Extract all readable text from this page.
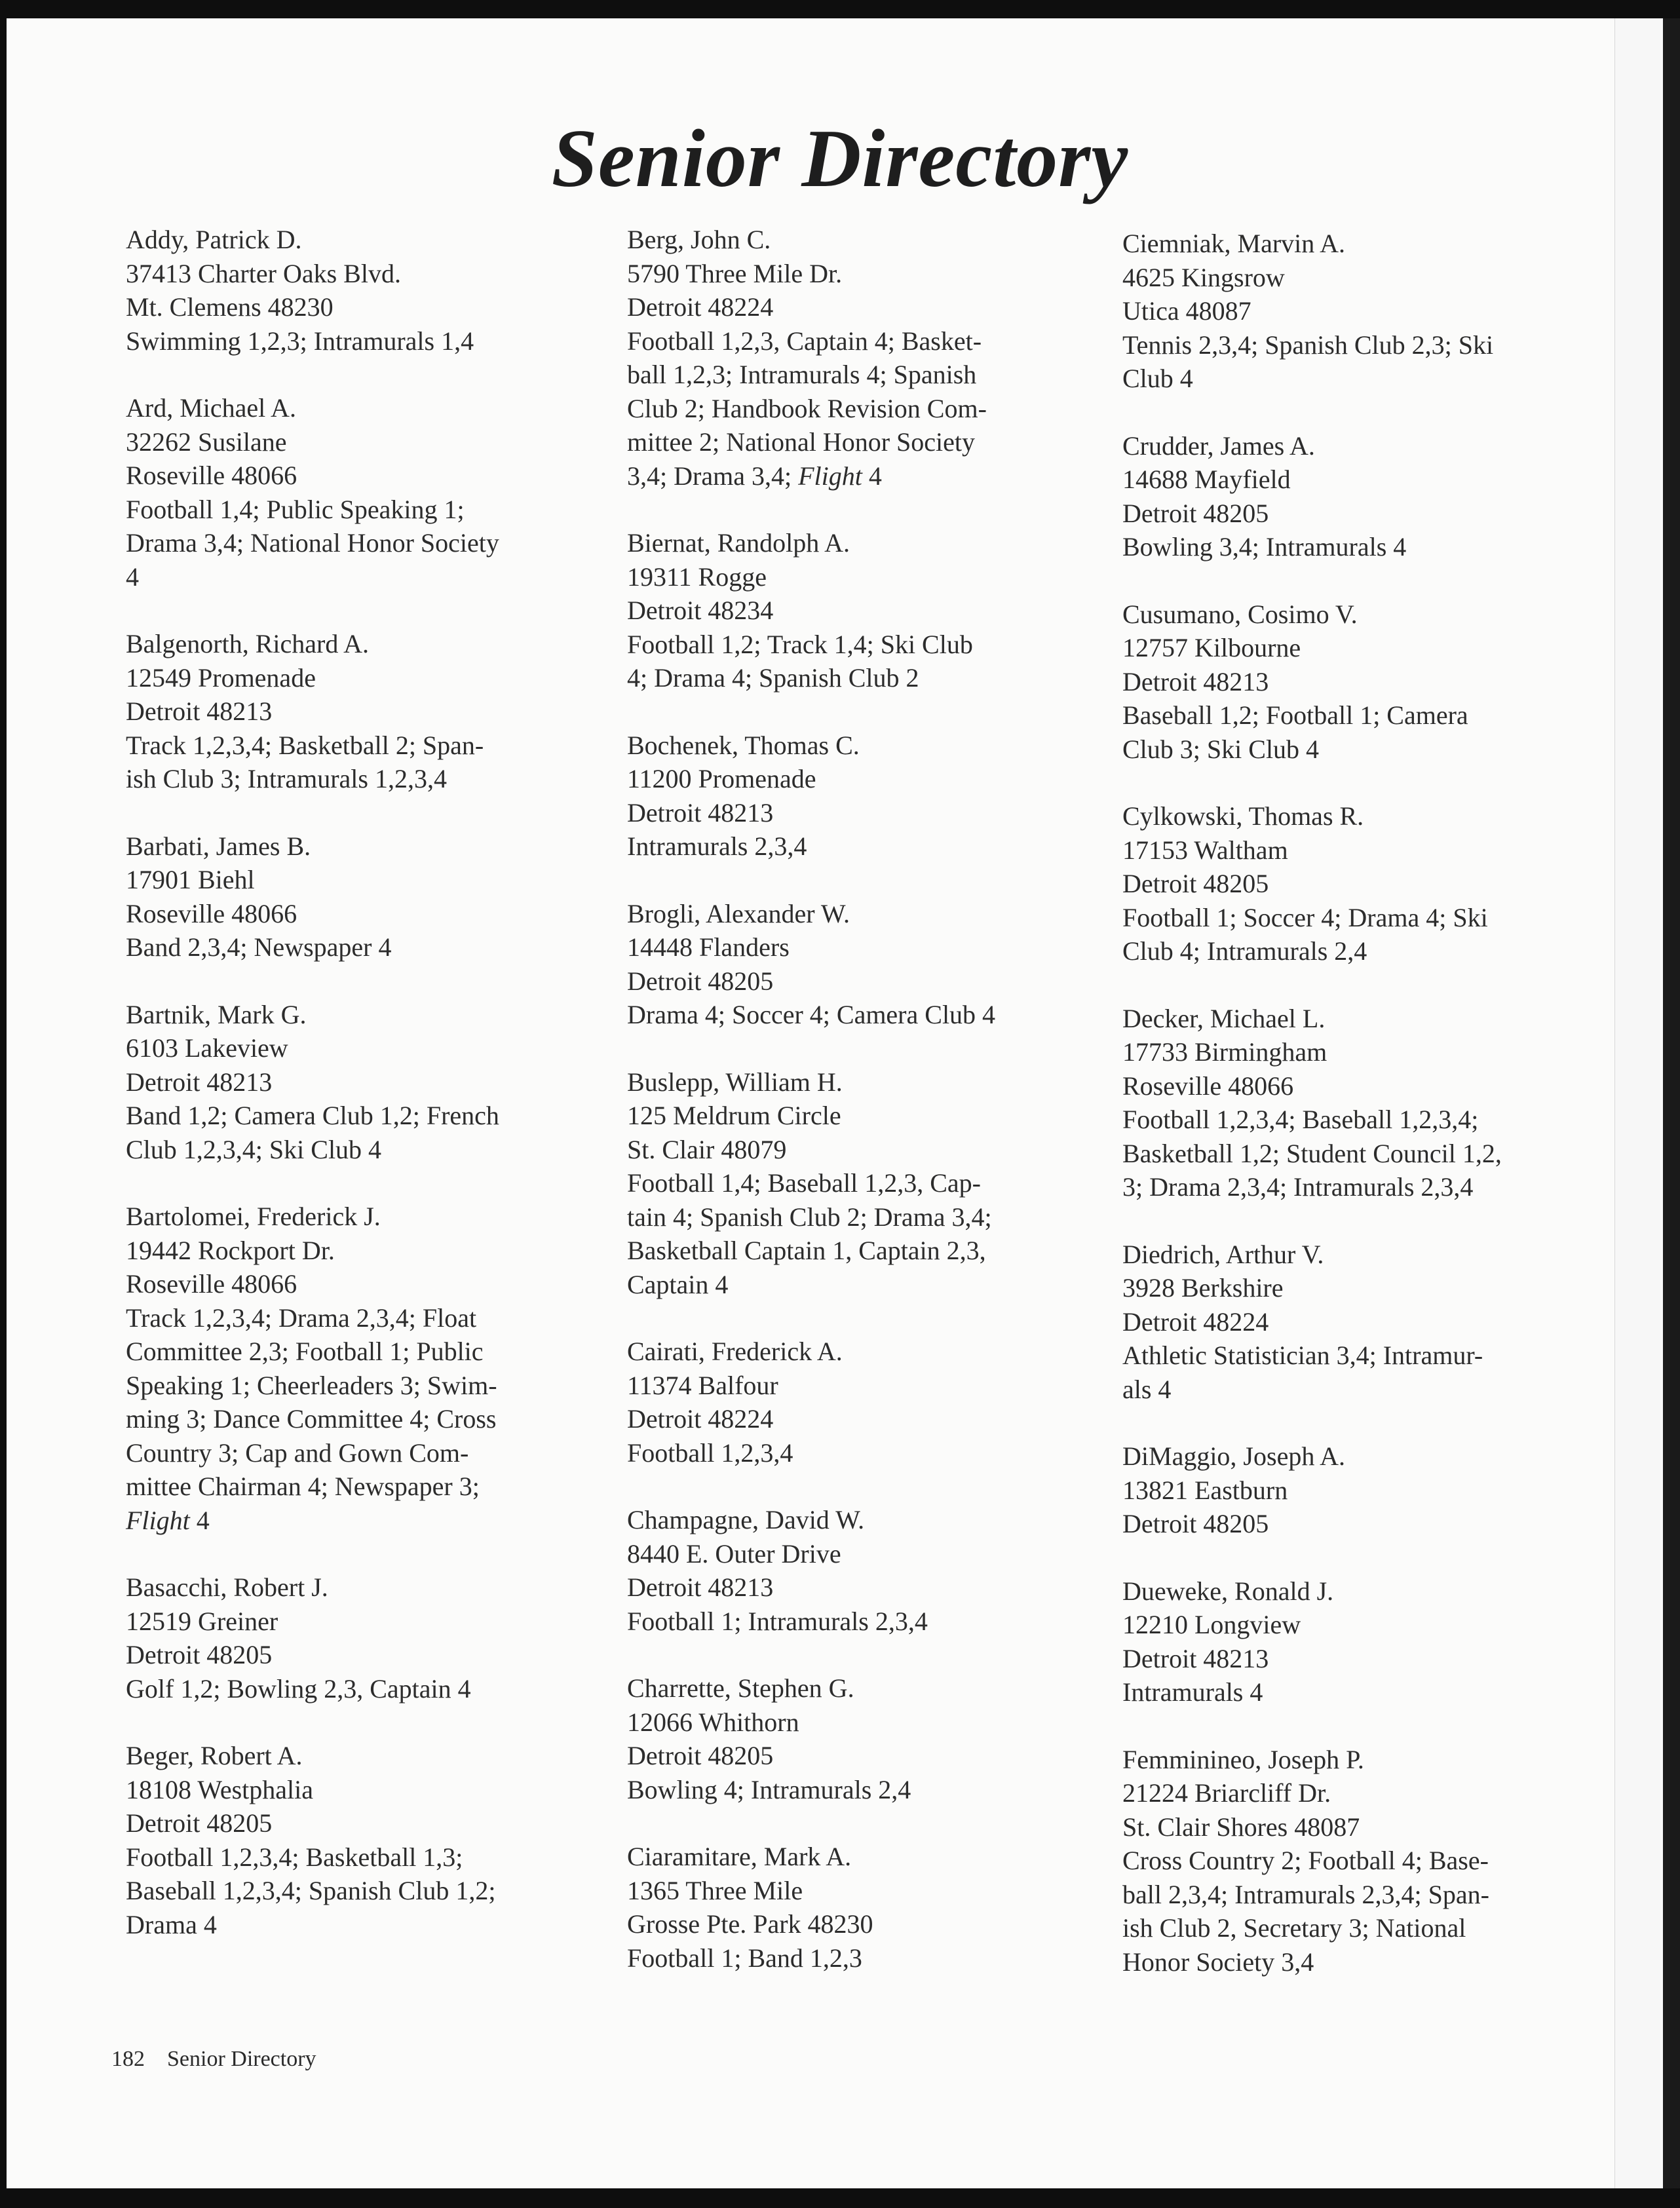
Senior Directory
Addy, Patrick D.
37413 Charter Oaks Blvd.
Mt. Clemens 48230
Swimming 1,2,3; Intramurals 1,4
Ard, Michael A.
32262 Susilane
Roseville 48066
Football 1,4; Public Speaking 1;
Drama 3,4; National Honor Society
4
Balgenorth, Richard A.
12549 Promenade
Detroit 48213
Track 1,2,3,4; Basketball 2; Span-
ish Club 3; Intramurals 1,2,3,4
Barbati, James B.
17901 Biehl
Roseville 48066
Band 2,3,4; Newspaper 4
Bartnik, Mark G.
6103 Lakeview
Detroit 48213
Band 1,2; Camera Club 1,2; French
Club 1,2,3,4; Ski Club 4
Bartolomei, Frederick J.
19442 Rockport Dr.
Roseville 48066
Track 1,2,3,4; Drama 2,3,4; Float
Committee 2,3; Football 1; Public
Speaking 1; Cheerleaders 3; Swim-
ming 3; Dance Committee 4; Cross
Country 3; Cap and Gown Com-
mittee Chairman 4; Newspaper 3;
Flight 4
Basacchi, Robert J.
12519 Greiner
Detroit 48205
Golf 1,2; Bowling 2,3, Captain 4
Beger, Robert A.
18108 Westphalia
Detroit 48205
Football 1,2,3,4; Basketball 1,3;
Baseball 1,2,3,4; Spanish Club 1,2;
Drama 4
Berg, John C.
5790 Three Mile Dr.
Detroit 48224
Football 1,2,3, Captain 4; Basket-
ball 1,2,3; Intramurals 4; Spanish
Club 2; Handbook Revision Com-
mittee 2; National Honor Society
3,4; Drama 3,4; Flight 4
Biernat, Randolph A.
19311 Rogge
Detroit 48234
Football 1,2; Track 1,4; Ski Club
4; Drama 4; Spanish Club 2
Bochenek, Thomas C.
11200 Promenade
Detroit 48213
Intramurals 2,3,4
Brogli, Alexander W.
14448 Flanders
Detroit 48205
Drama 4; Soccer 4; Camera Club 4
Buslepp, William H.
125 Meldrum Circle
St. Clair 48079
Football 1,4; Baseball 1,2,3, Cap-
tain 4; Spanish Club 2; Drama 3,4;
Basketball Captain 1, Captain 2,3,
Captain 4
Cairati, Frederick A.
11374 Balfour
Detroit 48224
Football 1,2,3,4
Champagne, David W.
8440 E. Outer Drive
Detroit 48213
Football 1; Intramurals 2,3,4
Charrette, Stephen G.
12066 Whithorn
Detroit 48205
Bowling 4; Intramurals 2,4
Ciaramitare, Mark A.
1365 Three Mile
Grosse Pte. Park 48230
Football 1; Band 1,2,3
Ciemniak, Marvin A.
4625 Kingsrow
Utica 48087
Tennis 2,3,4; Spanish Club 2,3; Ski
Club 4
Crudder, James A.
14688 Mayfield
Detroit 48205
Bowling 3,4; Intramurals 4
Cusumano, Cosimo V.
12757 Kilbourne
Detroit 48213
Baseball 1,2; Football 1; Camera
Club 3; Ski Club 4
Cylkowski, Thomas R.
17153 Waltham
Detroit 48205
Football 1; Soccer 4; Drama 4; Ski
Club 4; Intramurals 2,4
Decker, Michael L.
17733 Birmingham
Roseville 48066
Football 1,2,3,4; Baseball 1,2,3,4;
Basketball 1,2; Student Council 1,2,
3; Drama 2,3,4; Intramurals 2,3,4
Diedrich, Arthur V.
3928 Berkshire
Detroit 48224
Athletic Statistician 3,4; Intramur-
als 4
DiMaggio, Joseph A.
13821 Eastburn
Detroit 48205
Dueweke, Ronald J.
12210 Longview
Detroit 48213
Intramurals 4
Femminineo, Joseph P.
21224 Briarcliff Dr.
St. Clair Shores 48087
Cross Country 2; Football 4; Base-
ball 2,3,4; Intramurals 2,3,4; Span-
ish Club 2, Secretary 3; National
Honor Society 3,4
182 Senior Directory
